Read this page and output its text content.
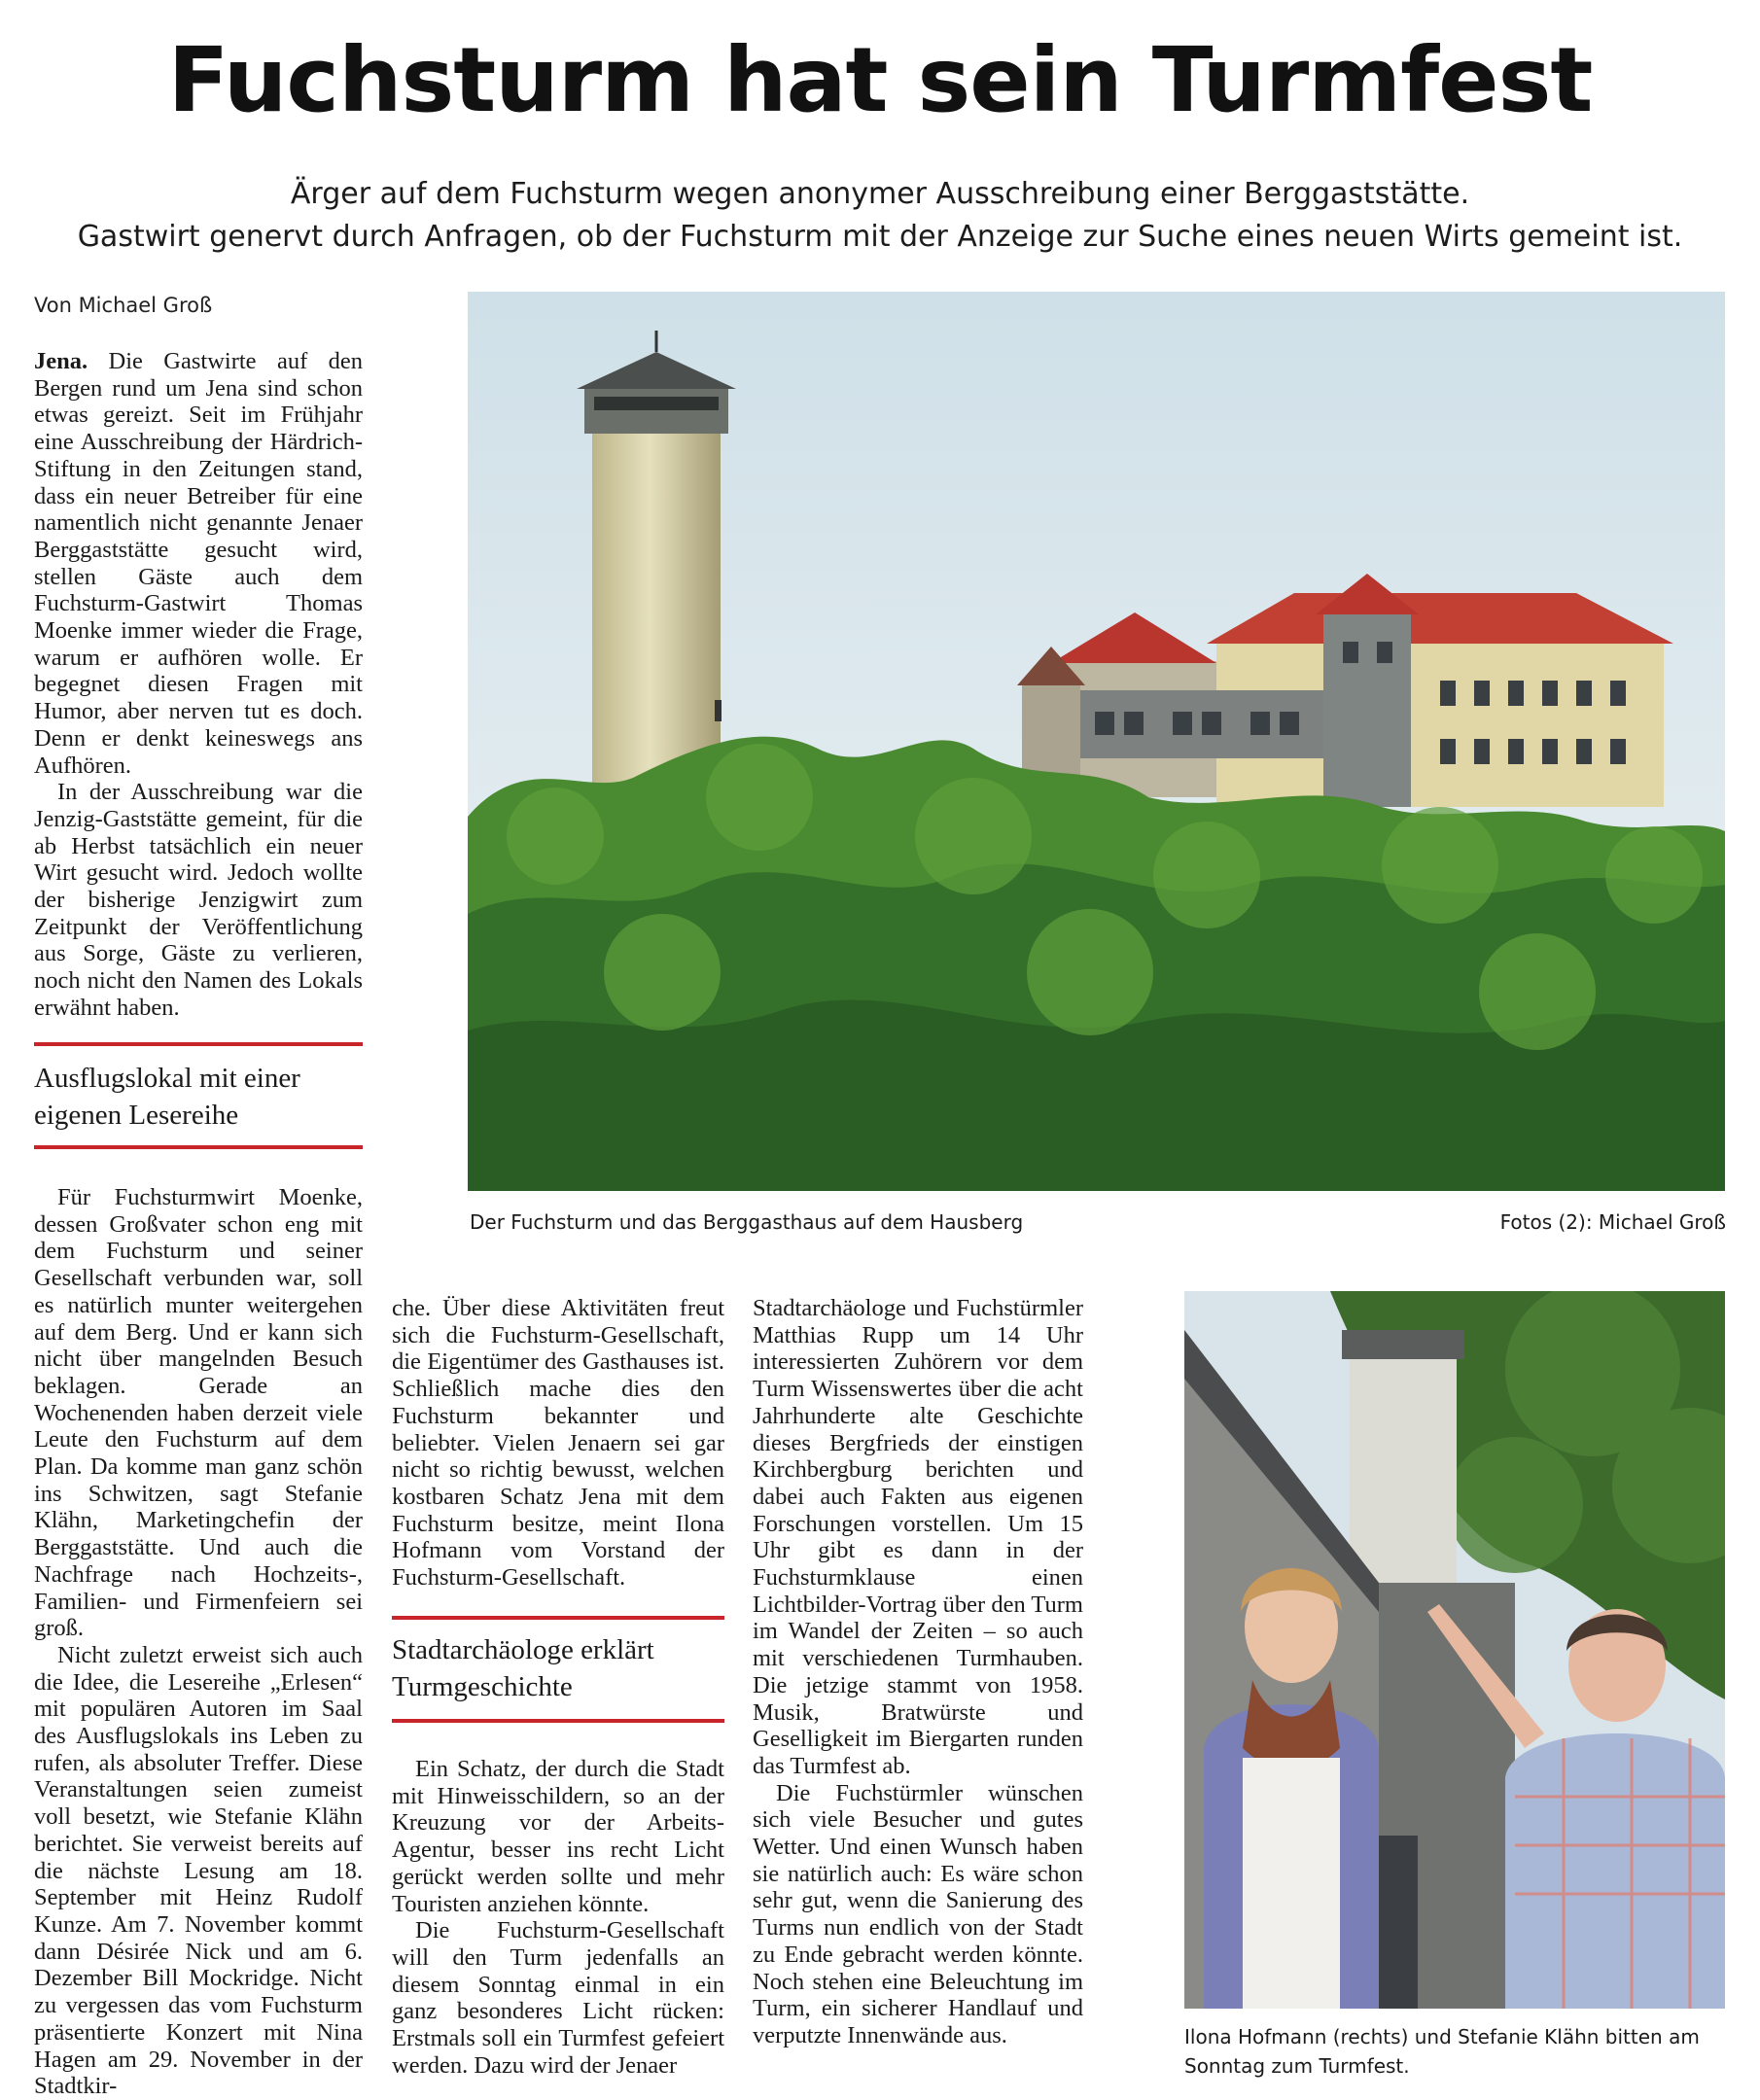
Fuchsturm hat sein Turmfest
Ärger auf dem Fuchsturm wegen anonymer Ausschreibung einer Berggaststätte.
Gastwirt genervt durch Anfragen, ob der Fuchsturm mit der Anzeige zur Suche eines neuen Wirts gemeint ist.
Von Michael Groß

Jena. Die Gastwirte auf den Bergen rund um Jena sind schon etwas gereizt. Seit im Frühjahr eine Ausschreibung der Härdrich-Stiftung in den Zeitungen stand, dass ein neuer Betreiber für eine namentlich nicht genannte Jenaer Berggaststätte gesucht wird, stellen Gäste auch dem Fuchsturm-Gastwirt Thomas Moenke immer wieder die Frage, warum er aufhören wolle. Er begegnet diesen Fragen mit Humor, aber nerven tut es doch. Denn er denkt keineswegs ans Aufhören.

In der Ausschreibung war die Jenzig-Gaststätte gemeint, für die ab Herbst tatsächlich ein neuer Wirt gesucht wird. Jedoch wollte der bisherige Jenzigwirt zum Zeitpunkt der Veröffentlichung aus Sorge, Gäste zu verlieren, noch nicht den Namen des Lokals erwähnt haben.

Ausflugslokal mit einer eigenen Lesereihe

Für Fuchsturmwirt Moenke, dessen Großvater schon eng mit dem Fuchsturm und seiner Gesellschaft verbunden war, soll es natürlich munter weitergehen auf dem Berg. Und er kann sich nicht über mangelnden Besuch beklagen. Gerade an Wochenenden haben derzeit viele Leute den Fuchsturm auf dem Plan. Da komme man ganz schön ins Schwitzen, sagt Stefanie Klähn, Marketingchefin der Berggaststätte. Und auch die Nachfrage nach Hochzeits-, Familien- und Firmenfeiern sei groß.

Nicht zuletzt erweist sich auch die Idee, die Lesereihe „Erlesen“ mit populären Autoren im Saal des Ausflugslokals ins Leben zu rufen, als absoluter Treffer. Diese Veranstaltungen seien zumeist voll besetzt, wie Stefanie Klähn berichtet. Sie verweist bereits auf die nächste Lesung am 18. September mit Heinz Rudolf Kunze. Am 7. November kommt dann Désirée Nick und am 6. Dezember Bill Mockridge. Nicht zu vergessen das vom Fuchsturm präsentierte Konzert mit Nina Hagen am 29. November in der Stadtkir-

Der Fuchsturm und das Berggasthaus auf dem Hausberg	Fotos (2): Michael Groß

che. Über diese Aktivitäten freut sich die Fuchsturm-Gesellschaft, die Eigentümer des Gasthauses ist. Schließlich mache dies den Fuchsturm bekannter und beliebter. Vielen Jenaern sei gar nicht so richtig bewusst, welchen kostbaren Schatz Jena mit dem Fuchsturm besitze, meint Ilona Hofmann vom Vorstand der Fuchsturm-Gesellschaft.

Stadtarchäologe erklärt Turmgeschichte

Ein Schatz, der durch die Stadt mit Hinweisschildern, so an der Kreuzung vor der Arbeits-Agentur, besser ins recht Licht gerückt werden sollte und mehr Touristen anziehen könnte.

Die Fuchsturm-Gesellschaft will den Turm jedenfalls an diesem Sonntag einmal in ein ganz besonderes Licht rücken: Erstmals soll ein Turmfest gefeiert werden. Dazu wird der Jenaer

Stadtarchäologe und Fuchstürmler Matthias Rupp um 14 Uhr interessierten Zuhörern vor dem Turm Wissenswertes über die acht Jahrhunderte alte Geschichte dieses Bergfrieds der einstigen Kirchbergburg berichten und dabei auch Fakten aus eigenen Forschungen vorstellen. Um 15 Uhr gibt es dann in der Fuchsturmklause einen Lichtbilder-Vortrag über den Turm im Wandel der Zeiten – so auch mit verschiedenen Turmhauben. Die jetzige stammt von 1958. Musik, Bratwürste und Geselligkeit im Biergarten runden das Turmfest ab.

Die Fuchstürmler wünschen sich viele Besucher und gutes Wetter. Und einen Wunsch haben sie natürlich auch: Es wäre schon sehr gut, wenn die Sanierung des Turms nun endlich von der Stadt zu Ende gebracht werden könnte. Noch stehen eine Beleuchtung im Turm, ein sicherer Handlauf und verputzte Innenwände aus.	Ilona Hofmann (rechts) und Stefanie Klähn bitten am Sonntag zum Turmfest.
